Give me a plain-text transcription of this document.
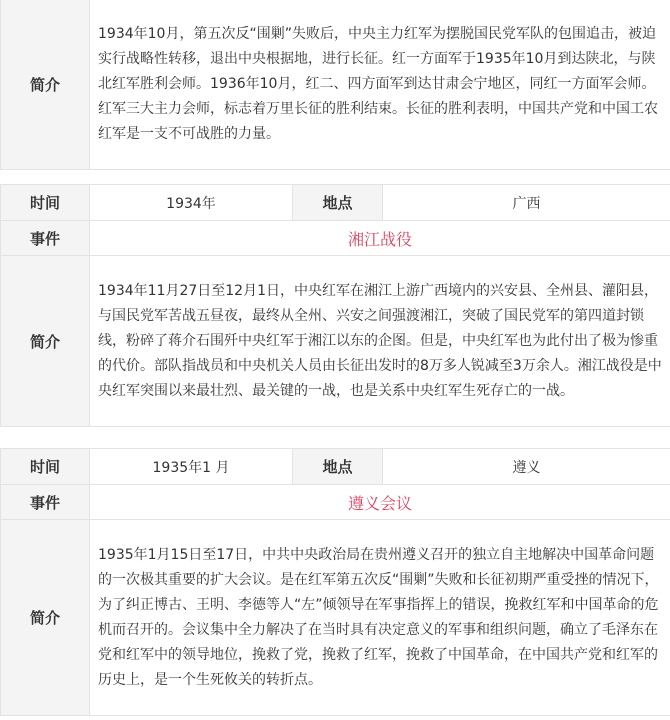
简介	1934年10月，第五次反“围剿”失败后，中央主力红军为摆脱国民党军队的包围追击，被迫实行战略性转移，退出中央根据地，进行长征。红一方面军于1935年10月到达陕北，与陕北红军胜利会师。1936年10月，红二、四方面军到达甘肃会宁地区，同红一方面军会师。红军三大主力会师，标志着万里长征的胜利结束。长征的胜利表明，中国共产党和中国工农红军是一支不可战胜的力量。
时间	1934年	地点	广西
事件	湘江战役		
简介	1934年11月27日至12月1日，中央红军在湘江上游广西境内的兴安县、全州县、灌阳县，与国民党军苦战五昼夜，最终从全州、兴安之间强渡湘江，突破了国民党军的第四道封锁线，粉碎了蒋介石围歼中央红军于湘江以东的企图。但是，中央红军也为此付出了极为惨重的代价。部队指战员和中央机关人员由长征出发时的8万多人锐减至3万余人。湘江战役是中央红军突围以来最壮烈、最关键的一战，也是关系中央红军生死存亡的一战。		
时间	1935年1 月	地点	遵义
事件	遵义会议		
简介	1935年1月15日至17日，中共中央政治局在贵州遵义召开的独立自主地解决中国革命问题的一次极其重要的扩大会议。是在红军第五次反“围剿”失败和长征初期严重受挫的情况下，为了纠正博古、王明、李德等人“左”倾领导在军事指挥上的错误，挽救红军和中国革命的危机而召开的。会议集中全力解决了在当时具有决定意义的军事和组织问题，确立了毛泽东在党和红军中的领导地位，挽救了党，挽救了红军，挽救了中国革命，在中国共产党和红军的历史上，是一个生死攸关的转折点。		
